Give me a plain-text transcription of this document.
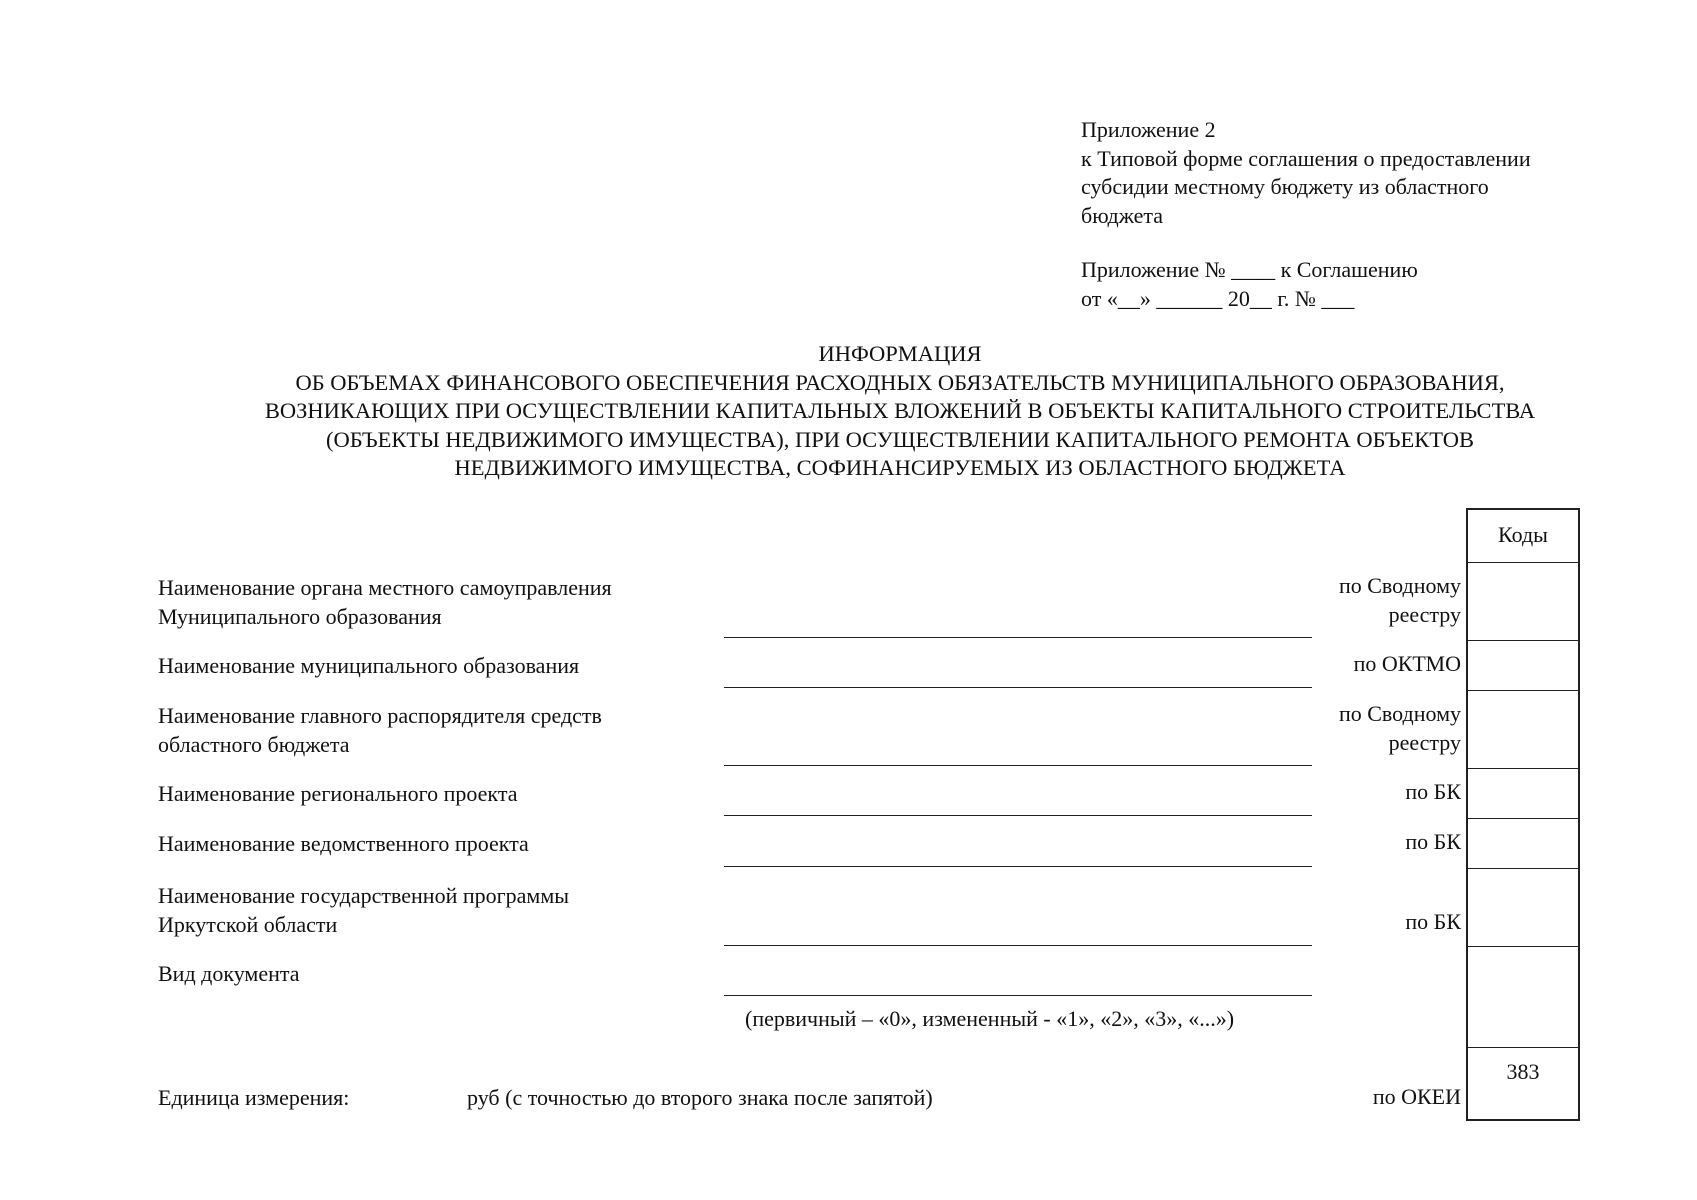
Приложение 2
к Типовой форме соглашения о предоставлении
субсидии местному бюджету из областного
бюджета
Приложение № ____ к Соглашению
от «__» ______ 20__ г. № ___
ИНФОРМАЦИЯ
ОБ ОБЪЕМАХ ФИНАНСОВОГО ОБЕСПЕЧЕНИЯ РАСХОДНЫХ ОБЯЗАТЕЛЬСТВ МУНИЦИПАЛЬНОГО ОБРАЗОВАНИЯ,
ВОЗНИКАЮЩИХ ПРИ ОСУЩЕСТВЛЕНИИ КАПИТАЛЬНЫХ ВЛОЖЕНИЙ В ОБЪЕКТЫ КАПИТАЛЬНОГО СТРОИТЕЛЬСТВА
(ОБЪЕКТЫ НЕДВИЖИМОГО ИМУЩЕСТВА), ПРИ ОСУЩЕСТВЛЕНИИ КАПИТАЛЬНОГО РЕМОНТА ОБЪЕКТОВ
НЕДВИЖИМОГО ИМУЩЕСТВА, СОФИНАНСИРУЕМЫХ ИЗ ОБЛАСТНОГО БЮДЖЕТА
Наименование органа местного самоуправления
Муниципального образования
Наименование муниципального образования
Наименование главного распорядителя средств
областного бюджета
Наименование регионального проекта
Наименование ведомственного проекта
Наименование государственной программы
Иркутской области
Вид документа
по Сводному
реестру
по ОКТМО
по Сводному
реестру
по БК
по БК
по БК
Коды
383
(первичный – «0», измененный - «1», «2», «3», «...»)
Единица измерения:	руб (с точностью до второго знака после запятой)	по ОКЕИ
